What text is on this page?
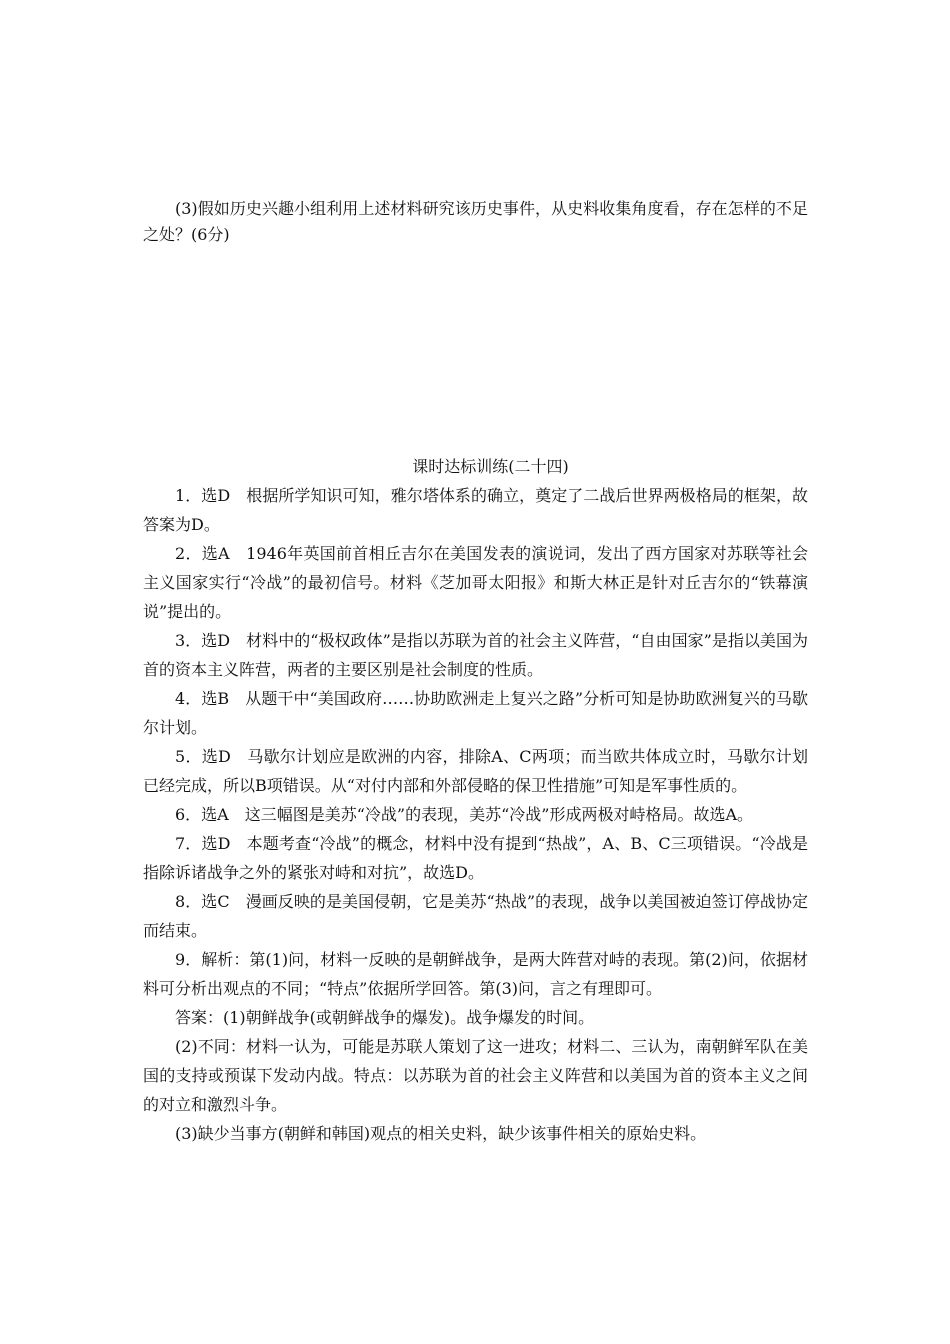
(3)假如历史兴趣小组利用上述材料研究该历史事件，从史料收集角度看，存在怎样的不足之处？(6分)

课时达标训练(二十四)

1．选D　根据所学知识可知，雅尔塔体系的确立，奠定了二战后世界两极格局的框架，故答案为D。

2．选A　1946年英国前首相丘吉尔在美国发表的演说词，发出了西方国家对苏联等社会主义国家实行“冷战”的最初信号。材料《芝加哥太阳报》和斯大林正是针对丘吉尔的“铁幕演说”提出的。

3．选D　材料中的“极权政体”是指以苏联为首的社会主义阵营，“自由国家”是指以美国为首的资本主义阵营，两者的主要区别是社会制度的性质。

4．选B　从题干中“美国政府……协助欧洲走上复兴之路”分析可知是协助欧洲复兴的马歇尔计划。

5．选D　马歇尔计划应是欧洲的内容，排除A、C两项；而当欧共体成立时，马歇尔计划已经完成，所以B项错误。从“对付内部和外部侵略的保卫性措施”可知是军事性质的。

6．选A　这三幅图是美苏“冷战”的表现，美苏“冷战”形成两极对峙格局。故选A。

7．选D　本题考查“冷战”的概念，材料中没有提到“热战”，A、B、C三项错误。“冷战是指除诉诸战争之外的紧张对峙和对抗”，故选D。

8．选C　漫画反映的是美国侵朝，它是美苏“热战”的表现，战争以美国被迫签订停战协定而结束。

9．解析：第(1)问，材料一反映的是朝鲜战争，是两大阵营对峙的表现。第(2)问，依据材料可分析出观点的不同；“特点”依据所学回答。第(3)问，言之有理即可。

答案：(1)朝鲜战争(或朝鲜战争的爆发)。战争爆发的时间。

(2)不同：材料一认为，可能是苏联人策划了这一进攻；材料二、三认为，南朝鲜军队在美国的支持或预谋下发动内战。特点：以苏联为首的社会主义阵营和以美国为首的资本主义之间的对立和激烈斗争。

(3)缺少当事方(朝鲜和韩国)观点的相关史料，缺少该事件相关的原始史料。
